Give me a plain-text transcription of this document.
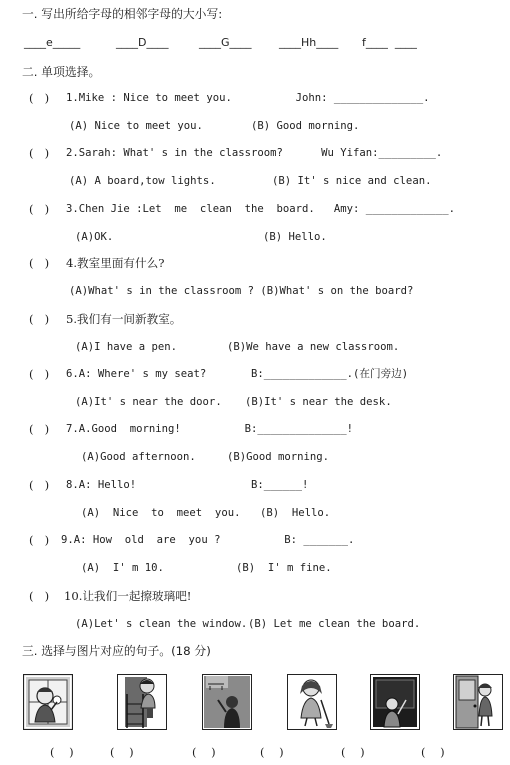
一. 写出所给字母的相邻字母的大小写:
____e_____	____D____	____G____ ____Hh____ f____  ____
二. 单项选择。
(   ) 1.Mike : Nice to meet you.          John: ______________.
(A) Nice to meet you.	(B) Good morning.
(   ) 2.Sarah: What' s in the classroom?      Wu Yifan:_________.
(A) A board,tow lights.	(B) It' s nice and clean.
(   ) 3.Chen Jie :Let  me  clean  the  board.   Amy: _____________.
(A)OK.	(B) Hello.
(   ) 4.教室里面有什么?
(A)What' s in the classroom ? (B)What' s on the board?
(   ) 5.我们有一间新教室。
(A)I have a pen.	(B)We have a new classroom.
(   ) 6.A: Where' s my seat?       B:_____________.(在门旁边)
(A)It' s near the door. (B)It' s near the desk.
(   ) 7.A.Good  morning!          B:______________!
(A)Good afternoon.	(B)Good morning.
(   ) 8.A: Hello!                  B:______!
(A)  Nice  to  meet  you. (B)  Hello.
(   ) 9.A: How  old  are  you ?          B: _______.
(A)  I' m 10.	(B)  I' m fine.
(   ) 10.让我们一起擦玻璃吧!
(A)Let' s clean the window. (B) Let me clean the board.
三. 选择与图片对应的句子。(18 分)
(    )	(    )	(    )	(    )	(    )	(    )
